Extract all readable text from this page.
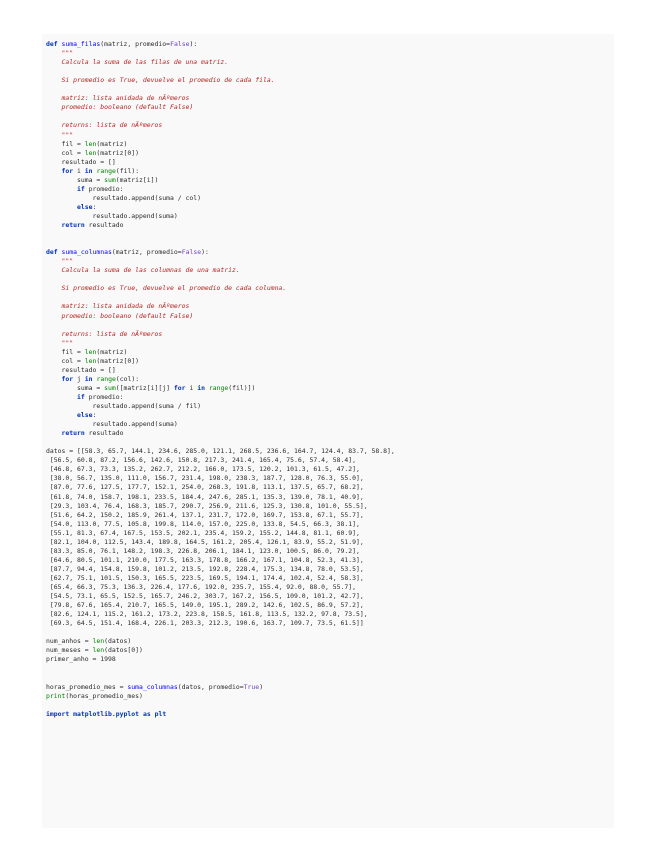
def suma_filas(matriz, promedio=False):
"""
Calcula la suma de las filas de una matriz.
Si promedio es True, devuelve el promedio de cada fila.
matriz: lista anidada de nÃºmeros
promedio: booleano (default False)
returns: lista de nÃºmeros
"""
fil = len(matriz)
col = len(matriz[0])
resultado = []
for i in range(fil):
suma = sum(matriz[i])
if promedio:
resultado.append(suma / col)
else:
resultado.append(suma)
return resultado
def suma_columnas(matriz, promedio=False):
"""
Calcula la suma de las columnas de una matriz.
Si promedio es True, devuelve el promedio de cada columna.
matriz: lista anidada de nÃºmeros
promedio: booleano (default False)
returns: lista de nÃºmeros
"""
fil = len(matriz)
col = len(matriz[0])
resultado = []
for j in range(col):
suma = sum([matriz[i][j] for i in range(fil)])
if promedio:
resultado.append(suma / fil)
else:
resultado.append(suma)
return resultado
datos = [[58.3, 65.7, 144.1, 234.6, 285.0, 121.1, 268.5, 236.6, 164.7, 124.4, 83.7, 58.8],
[56.5, 60.8, 87.2, 156.6, 142.6, 150.8, 217.3, 241.4, 165.4, 75.6, 57.4, 58.4],
[46.8, 67.3, 73.3, 135.2, 262.7, 212.2, 166.0, 173.5, 120.2, 101.3, 61.5, 47.2],
[38.0, 56.7, 135.0, 111.0, 156.7, 231.4, 198.0, 238.3, 187.7, 128.0, 76.3, 55.0],
[87.0, 77.6, 127.5, 177.7, 152.1, 254.0, 268.3, 191.8, 113.1, 137.5, 65.7, 68.2],
[61.8, 74.0, 158.7, 198.1, 233.5, 184.4, 247.6, 285.1, 135.3, 139.0, 78.1, 40.9],
[29.3, 103.4, 76.4, 168.3, 185.7, 290.7, 256.9, 211.6, 125.3, 130.8, 101.0, 55.5],
[51.6, 64.2, 150.2, 185.9, 261.4, 137.1, 231.7, 172.0, 169.7, 153.8, 67.1, 55.7],
[54.0, 113.0, 77.5, 105.8, 199.8, 114.0, 157.0, 225.0, 133.8, 54.5, 66.3, 38.1],
[55.1, 81.3, 67.4, 167.5, 153.5, 202.1, 235.4, 159.2, 155.2, 144.8, 81.1, 60.9],
[82.1, 104.0, 112.5, 143.4, 189.8, 164.5, 161.2, 205.4, 126.1, 83.9, 55.2, 51.9],
[83.3, 85.0, 76.1, 148.2, 198.3, 226.8, 206.1, 184.1, 123.0, 100.5, 86.0, 79.2],
[64.6, 80.5, 101.1, 210.0, 177.5, 163.3, 178.8, 166.2, 167.1, 104.8, 52.3, 41.3],
[87.7, 94.4, 154.8, 159.8, 101.2, 213.5, 192.8, 228.4, 175.3, 134.8, 78.0, 53.5],
[62.7, 75.1, 101.5, 150.3, 165.5, 223.5, 169.5, 194.1, 174.4, 102.4, 52.4, 58.3],
[65.4, 66.3, 75.3, 136.3, 226.4, 177.6, 192.0, 235.7, 155.4, 92.0, 88.0, 55.7],
[54.5, 73.1, 65.5, 152.5, 165.7, 246.2, 303.7, 167.2, 156.5, 109.0, 101.2, 42.7],
[79.8, 67.6, 165.4, 210.7, 165.5, 149.0, 195.1, 289.2, 142.6, 102.5, 86.9, 57.2],
[82.6, 124.1, 115.2, 161.2, 173.2, 223.8, 158.5, 161.8, 113.5, 132.2, 97.8, 73.5],
[69.3, 64.5, 151.4, 168.4, 226.1, 203.3, 212.3, 190.6, 163.7, 109.7, 73.5, 61.5]]
num_anhos = len(datos)
num_meses = len(datos[0])
primer_anho = 1998
horas_promedio_mes = suma_columnas(datos, promedio=True)
print(horas_promedio_mes)
import matplotlib.pyplot as plt
